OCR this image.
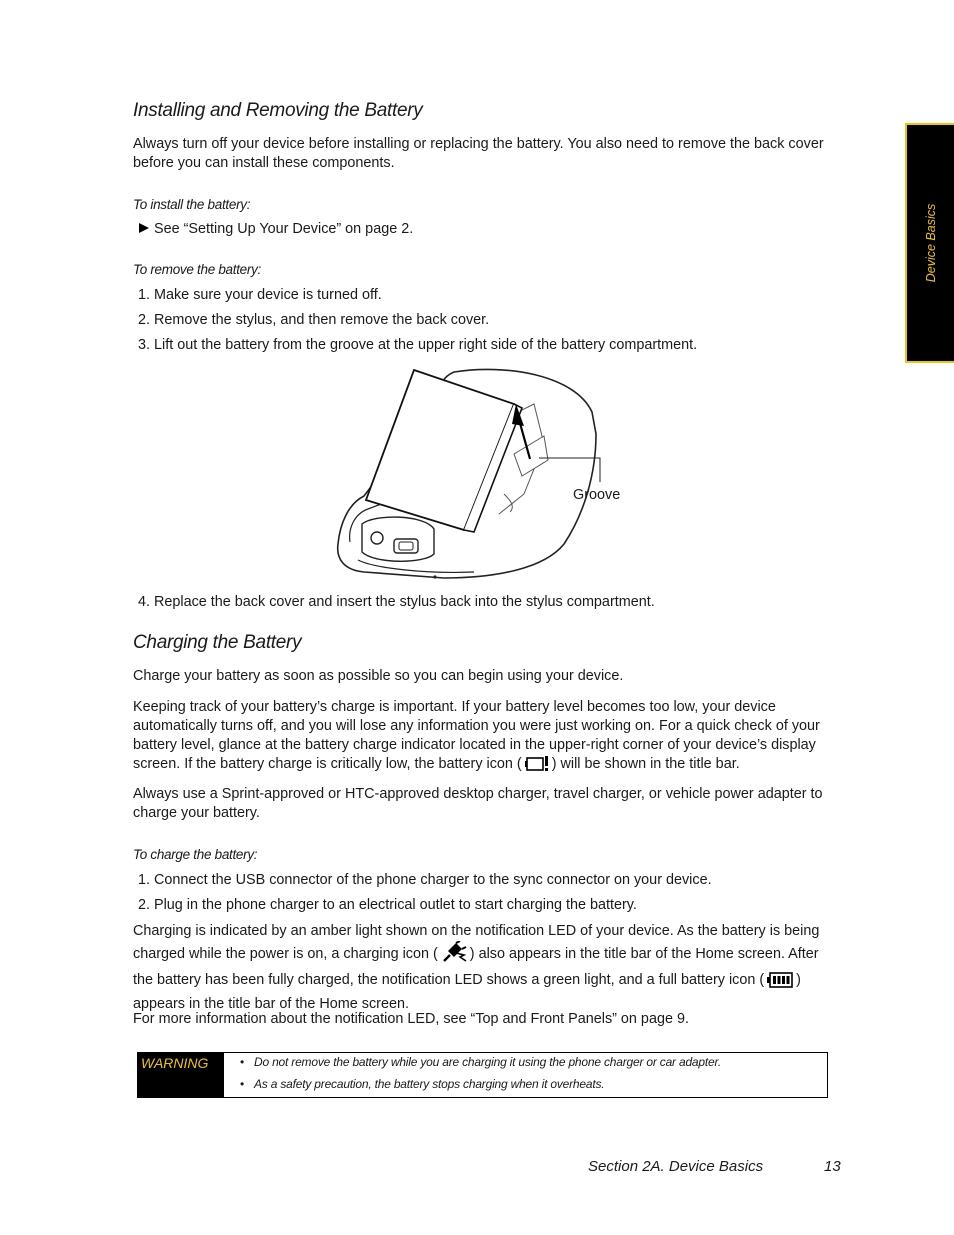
Device Basics
Installing and Removing the Battery

Always turn off your device before installing or replacing the battery. You also need to remove the back cover before you can install these components.

To install the battery:

See “Setting Up Your Device” on page 2.

To remove the battery:

1. Make sure your device is turned off.
2. Remove the stylus, and then remove the back cover.
3. Lift out the battery from the groove at the upper right side of the battery compartment.
Groove
4. Replace the back cover and insert the stylus back into the stylus compartment.
Charging the Battery

Charge your battery as soon as possible so you can begin using your device.

Keeping track of your battery’s charge is important. If your battery level becomes too low, your device automatically turns off, and you will lose any information you were just working on. For a quick check of your battery level, glance at the battery charge indicator located in the upper-right corner of your device’s display screen. If the battery charge is critically low, the battery icon ( ) will be shown in the title bar.

Always use a Sprint-approved or HTC-approved desktop charger, travel charger, or vehicle power adapter to charge your battery.

To charge the battery:

1. Connect the USB connector of the phone charger to the sync connector on your device.
2. Plug in the phone charger to an electrical outlet to start charging the battery.

Charging is indicated by an amber light shown on the notification LED of your device. As the battery is being charged while the power is on, a charging icon ( ) also appears in the title bar of the Home screen. After the battery has been fully charged, the notification LED shows a green light, and a full battery icon ( ) appears in the title bar of the Home screen.

For more information about the notification LED, see “Top and Front Panels” on page 9.

WARNING	• Do not remove the battery while you are charging it using the phone charger or car adapter.
• As a safety precaution, the battery stops charging when it overheats.
Section 2A. Device Basics	13
